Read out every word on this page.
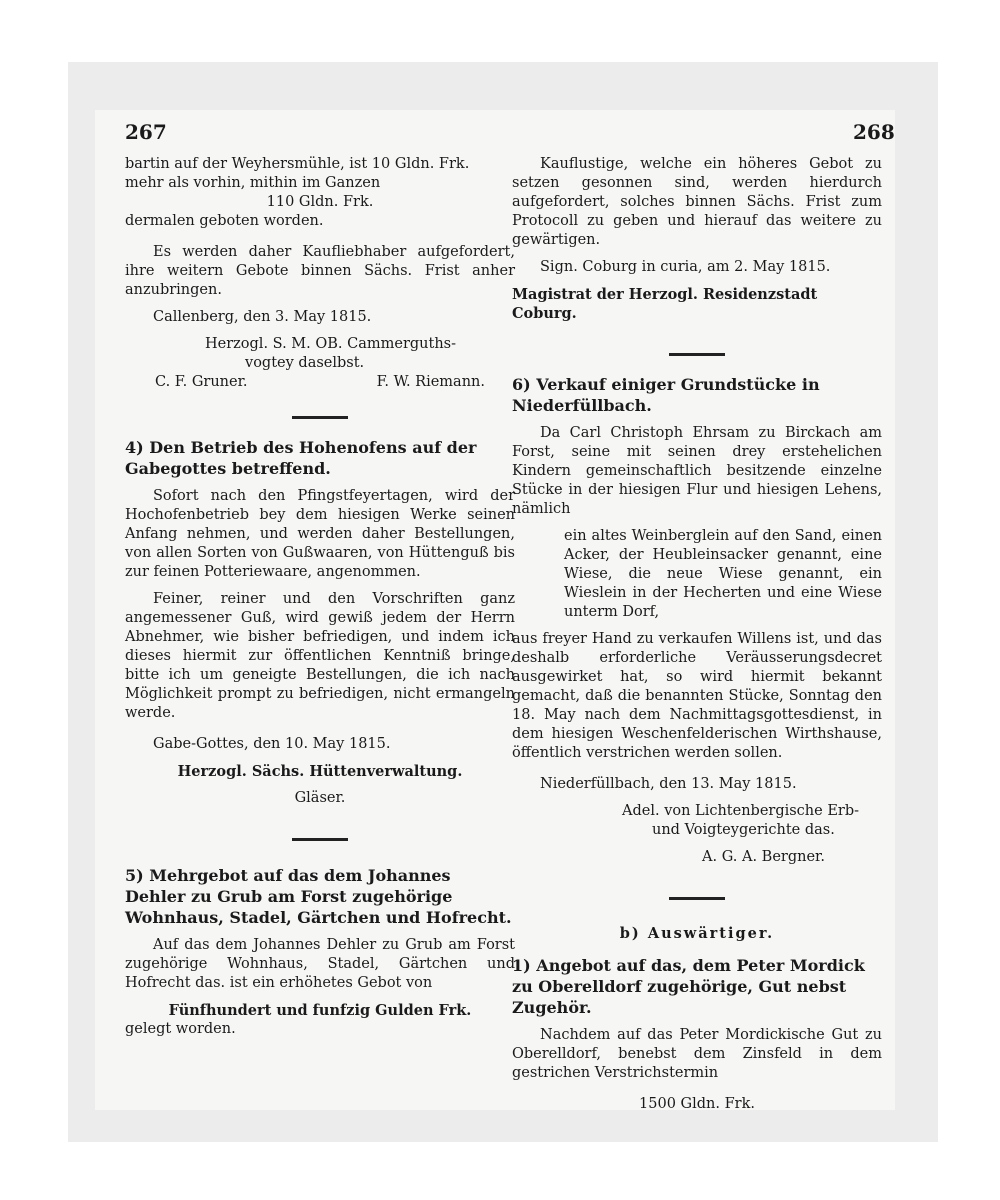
267	268

bartin auf der Weyhersmühle, ist 10 Gldn. Frk.

mehr als vorhin, mithin im Ganzen

110 Gldn. Frk.

dermalen geboten worden.

Es werden daher Kaufliebhaber aufgefordert, ihre weitern Gebote binnen Sächs. Frist anher anzubringen.

Callenberg, den 3. May 1815.

Herzogl. S. M. OB. Cammerguths-

vogtey daselbst.

C. F. Gruner.	F. W. Riemann.

4) Den Betrieb des Hohenofens auf der Gabegottes betreffend.

Sofort nach den Pfingstfeyertagen, wird der Hochofenbetrieb bey dem hiesigen Werke seinen Anfang nehmen, und werden daher Bestellungen, von allen Sorten von Gußwaaren, von Hüttenguß bis zur feinen Potteriewaare, angenommen.

Feiner, reiner und den Vorschriften ganz angemessener Guß, wird gewiß jedem der Herrn Abnehmer, wie bisher befriedigen, und indem ich dieses hiermit zur öffentlichen Kenntniß bringe, bitte ich um geneigte Bestellungen, die ich nach Möglichkeit prompt zu befriedigen, nicht ermangeln werde.

Gabe-Gottes, den 10. May 1815.

Herzogl. Sächs. Hüttenverwaltung.

Gläser.

5) Mehrgebot auf das dem Johannes Dehler zu Grub am Forst zugehörige Wohnhaus, Stadel, Gärtchen und Hofrecht.

Auf das dem Johannes Dehler zu Grub am Forst zugehörige Wohnhaus, Stadel, Gärtchen und Hofrecht das. ist ein erhöhetes Gebot von

Fünfhundert und funfzig Gulden Frk.

gelegt worden.

Kauflustige, welche ein höheres Gebot zu setzen gesonnen sind, werden hierdurch aufgefordert, solches binnen Sächs. Frist zum Protocoll zu geben und hierauf das weitere zu gewärtigen.

Sign. Coburg in curia, am 2. May 1815.

Magistrat der Herzogl. Residenzstadt Coburg.

6) Verkauf einiger Grundstücke in Niederfüllbach.

Da Carl Christoph Ehrsam zu Birckach am Forst, seine mit seinen drey erstehelichen Kindern gemeinschaftlich besitzende einzelne Stücke in der hiesigen Flur und hiesigen Lehens, nämlich

ein altes Weinberglein auf den Sand, einen Acker, der Heubleinsacker genannt, eine Wiese, die neue Wiese genannt, ein Wieslein in der Hecherten und eine Wiese unterm Dorf,

aus freyer Hand zu verkaufen Willens ist, und das deshalb erforderliche Veräusserungsdecret ausgewirket hat, so wird hiermit bekannt gemacht, daß die benannten Stücke, Sonntag den 18. May nach dem Nachmittagsgottesdienst, in dem hiesigen Weschenfelderischen Wirthshause, öffentlich verstrichen werden sollen.

Niederfüllbach, den 13. May 1815.

Adel. von Lichtenbergische Erb-

und Voigteygerichte das.

A. G. A. Bergner.

b) Auswärtiger.

1) Angebot auf das, dem Peter Mordick zu Oberelldorf zugehörige, Gut nebst Zugehör.

Nachdem auf das Peter Mordickische Gut zu Oberelldorf, benebst dem Zinsfeld in dem gestrichen Verstrichstermin

1500 Gldn. Frk.
